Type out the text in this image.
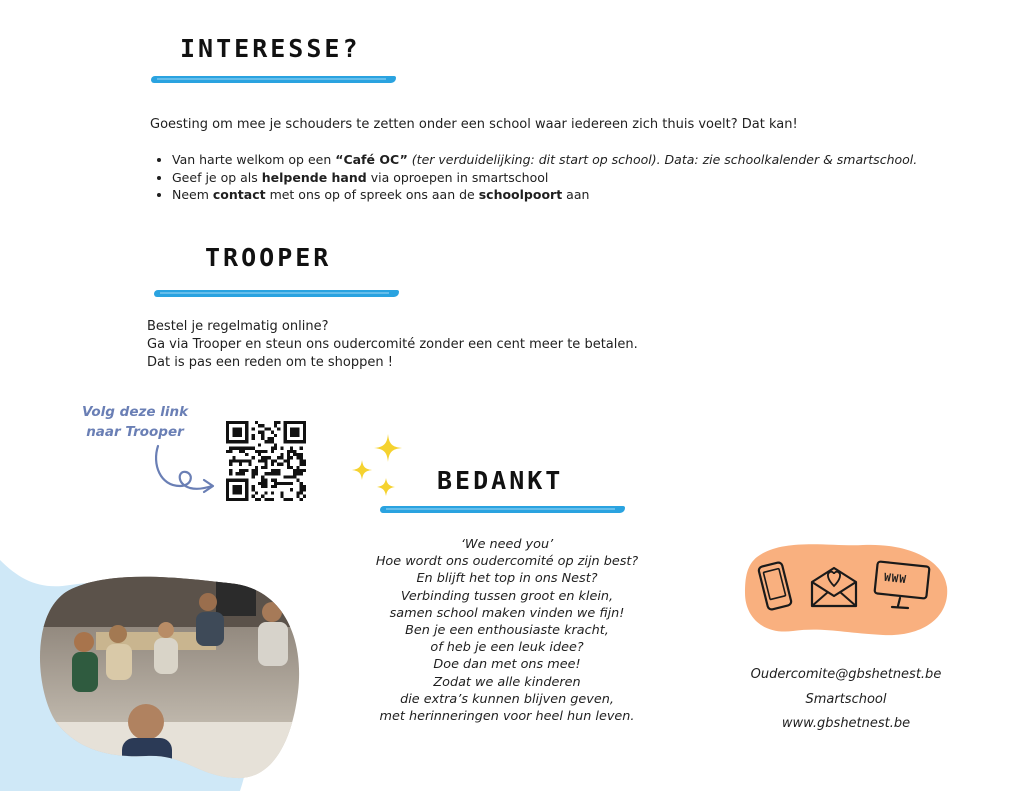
INTERESSE?
Goesting om mee je schouders te zetten onder een school waar iedereen zich thuis voelt? Dat kan!
• Van harte welkom op een “Café OC” (ter verduidelijking: dit start op school). Data: zie schoolkalender & smartschool.
• Geef je op als helpende hand via oproepen in smartschool
• Neem contact met ons op of spreek ons aan de schoolpoort aan
TROOPER
Bestel je regelmatig online?
Ga via Trooper en steun ons oudercomité zonder een cent meer te betalen.
Dat is pas een reden om te shoppen !
Volg deze link
naar Trooper
BEDANKT
‘We need you’
Hoe wordt ons oudercomité op zijn best?
En blijft het top in ons Nest?
Verbinding tussen groot en klein,
samen school maken vinden we fijn!
Ben je een enthousiaste kracht,
of heb je een leuk idee?
Doe dan met ons mee!
Zodat we alle kinderen
die extra’s kunnen blijven geven,
met herinneringen voor heel hun leven.
WWW
Oudercomite@gbshetnest.be
Smartschool
www.gbshetnest.be
